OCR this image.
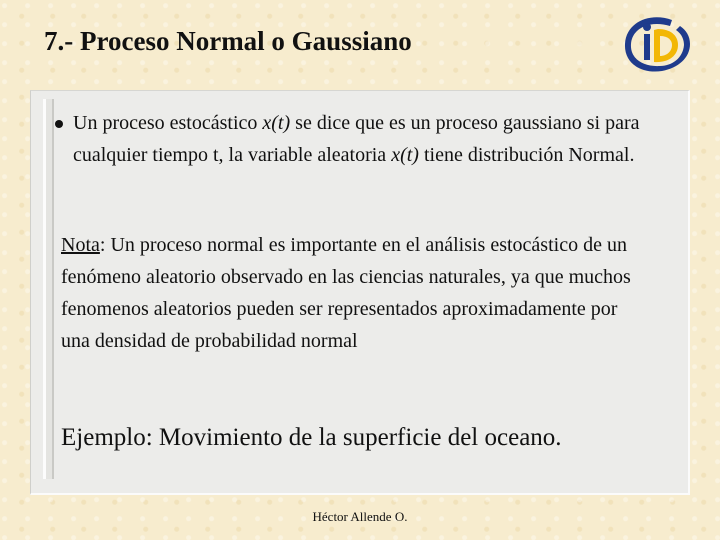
7.- Proceso Normal o Gaussiano
Un proceso estocástico x(t) se dice que es un proceso gaussiano si para cualquier tiempo t, la variable aleatoria x(t) tiene distribución Normal.
Nota: Un proceso normal es importante en el análisis estocástico de un fenómeno aleatorio observado en las ciencias naturales, ya que muchos fenomenos aleatorios pueden ser representados aproximadamente por una densidad de probabilidad normal
Ejemplo: Movimiento de la superficie del oceano.
Héctor Allende O.
